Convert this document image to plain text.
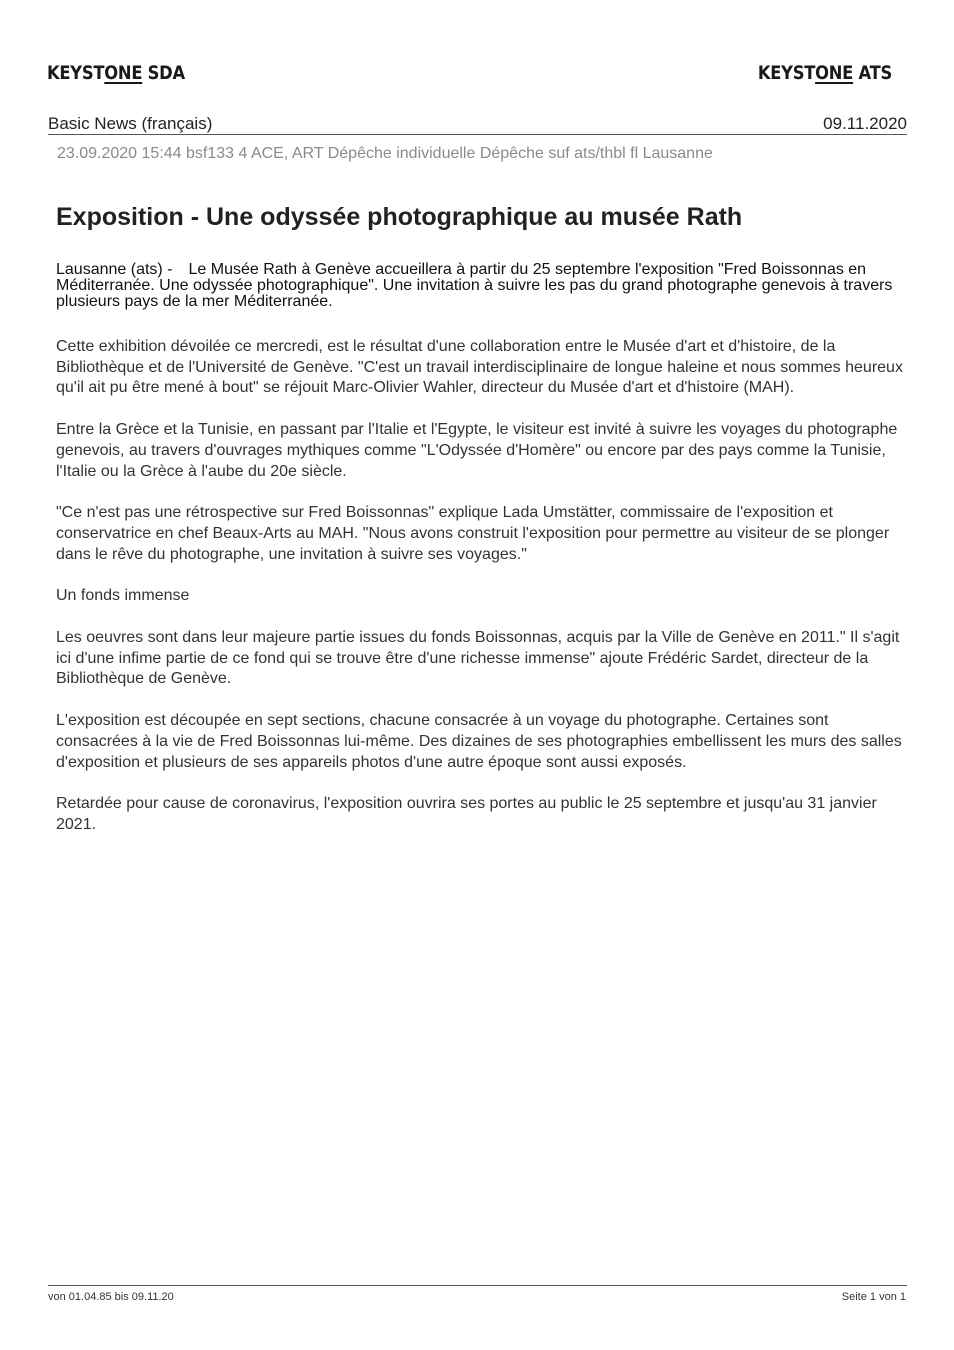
KEYSTONE SDA	KEYSTONE ATS
Basic News (français)	09.11.2020
23.09.2020 15:44 bsf133 4 ACE, ART Dépêche individuelle Dépêche suf ats/thbl fl Lausanne
Exposition - Une odyssée photographique au musée Rath
Lausanne (ats) - Le Musée Rath à Genève accueillera à partir du 25 septembre l'exposition "Fred Boissonnas en Méditerranée. Une odyssée photographique". Une invitation à suivre les pas du grand photographe genevois à travers plusieurs pays de la mer Méditerranée.

Cette exhibition dévoilée ce mercredi, est le résultat d'une collaboration entre le Musée d'art et d'histoire, de la Bibliothèque et de l'Université de Genève. "C'est un travail interdisciplinaire de longue haleine et nous sommes heureux qu'il ait pu être mené à bout" se réjouit Marc-Olivier Wahler, directeur du Musée d'art et d'histoire (MAH).

Entre la Grèce et la Tunisie, en passant par l'Italie et l'Egypte, le visiteur est invité à suivre les voyages du photographe genevois, au travers d'ouvrages mythiques comme "L'Odyssée d'Homère" ou encore par des pays comme la Tunisie, l'Italie ou la Grèce à l'aube du 20e siècle.

"Ce n'est pas une rétrospective sur Fred Boissonnas" explique Lada Umstätter, commissaire de l'exposition et conservatrice en chef Beaux-Arts au MAH. "Nous avons construit l'exposition pour permettre au visiteur de se plonger dans le rêve du photographe, une invitation à suivre ses voyages."

Un fonds immense

Les oeuvres sont dans leur majeure partie issues du fonds Boissonnas, acquis par la Ville de Genève en 2011." Il s'agit ici d'une infime partie de ce fond qui se trouve être d'une richesse immense" ajoute Frédéric Sardet, directeur de la Bibliothèque de Genève.

L'exposition est découpée en sept sections, chacune consacrée à un voyage du photographe. Certaines sont consacrées à la vie de Fred Boissonnas lui-même. Des dizaines de ses photographies embellissent les murs des salles d'exposition et plusieurs de ses appareils photos d'une autre époque sont aussi exposés.

Retardée pour cause de coronavirus, l'exposition ouvrira ses portes au public le 25 septembre et jusqu'au 31 janvier 2021.

von 01.04.85 bis 09.11.20	Seite 1 von 1
